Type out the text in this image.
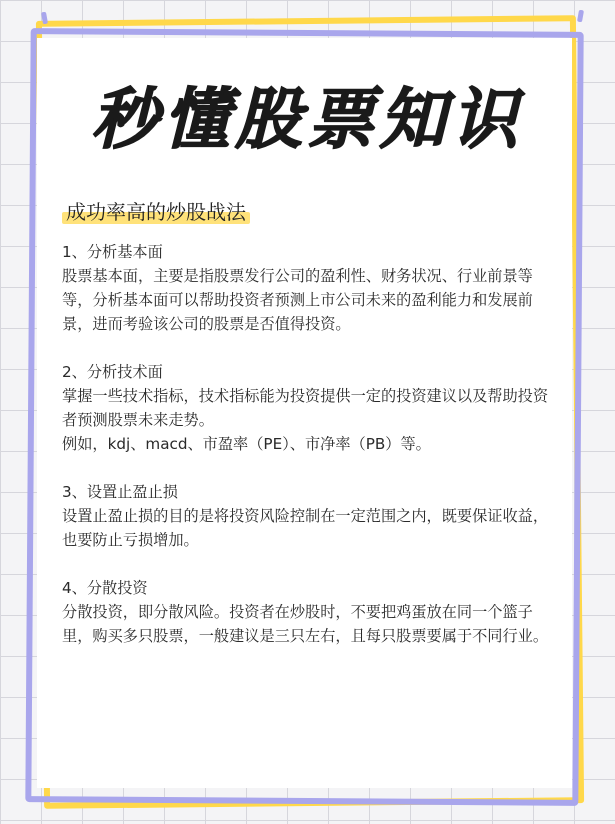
秒懂股票知识
成功率高的炒股战法

1、分析基本面

股票基本面，主要是指股票发行公司的盈利性、财务状况、行业前景等等，分析基本面可以帮助投资者预测上市公司未来的盈利能力和发展前景，进而考验该公司的股票是否值得投资。

2、分析技术面

掌握一些技术指标，技术指标能为投资提供一定的投资建议以及帮助投资者预测股票未来走势。

例如，kdj、macd、市盈率（PE）、市净率（PB）等。

3、设置止盈止损

设置止盈止损的目的是将投资风险控制在一定范围之内，既要保证收益，也要防止亏损增加。

4、分散投资

分散投资，即分散风险。投资者在炒股时，不要把鸡蛋放在同一个篮子里，购买多只股票，一般建议是三只左右，且每只股票要属于不同行业。
